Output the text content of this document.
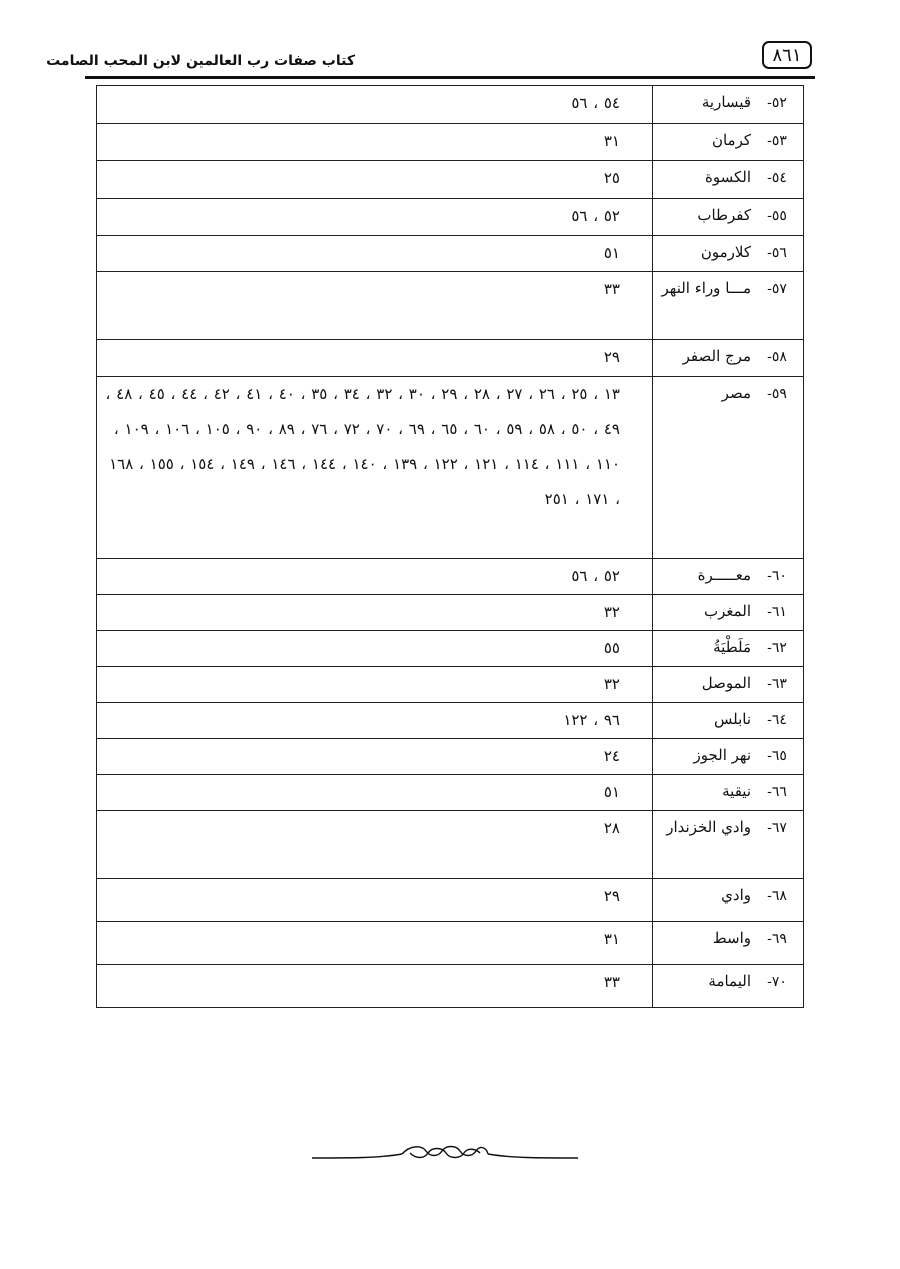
٨٦١
كتاب صفات رب العالمين لابن المحب الصامت
٥٢-
قيسارية	٥٤ ، ٥٦

٥٣-
كرمان	٣١

٥٤-
الكسوة	٢٥

٥٥-
كفرطاب	٥٢ ، ٥٦

٥٦-
كلارمون	٥١

٥٧-
مـــا وراء النهر	٣٣

٥٨-
مرج الصفر	٢٩

٥٩-
مصر	١٣ ، ٢٥ ، ٢٦ ، ٢٧ ، ٢٨ ، ٢٩ ، ٣٠ ، ٣٢ ، ٣٤ ، ٣٥ ، ٤٠ ، ٤١ ، ٤٢ ، ٤٤ ، ٤٥ ، ٤٨ ، ٤٩ ، ٥٠ ، ٥٨ ، ٥٩ ، ٦٠ ، ٦٥ ، ٦٩ ، ٧٠ ، ٧٢ ، ٧٦ ، ٨٩ ، ٩٠ ، ١٠٥ ، ١٠٦ ، ١٠٩ ، ١١٠ ، ١١١ ، ١١٤ ، ١٢١ ، ١٢٢ ، ١٣٩ ، ١٤٠ ، ١٤٤ ، ١٤٦ ، ١٤٩ ، ١٥٤ ، ١٥٥ ، ١٦٨ ، ١٧١ ، ٢٥١

٦٠-
معـــــرة	٥٢ ، ٥٦

٦١-
المغرب	٣٢

٦٢-
مَلَطْيَةُ	٥٥

٦٣-
الموصل	٣٢

٦٤-
نابلس	٩٦ ، ١٢٢

٦٥-
نهر الجوز	٢٤

٦٦-
نيقية	٥١

٦٧-
وادي الخزندار	٢٨

٦٨-
وادي	٢٩

٦٩-
واسط	٣١

٧٠-
اليمامة	٣٣
